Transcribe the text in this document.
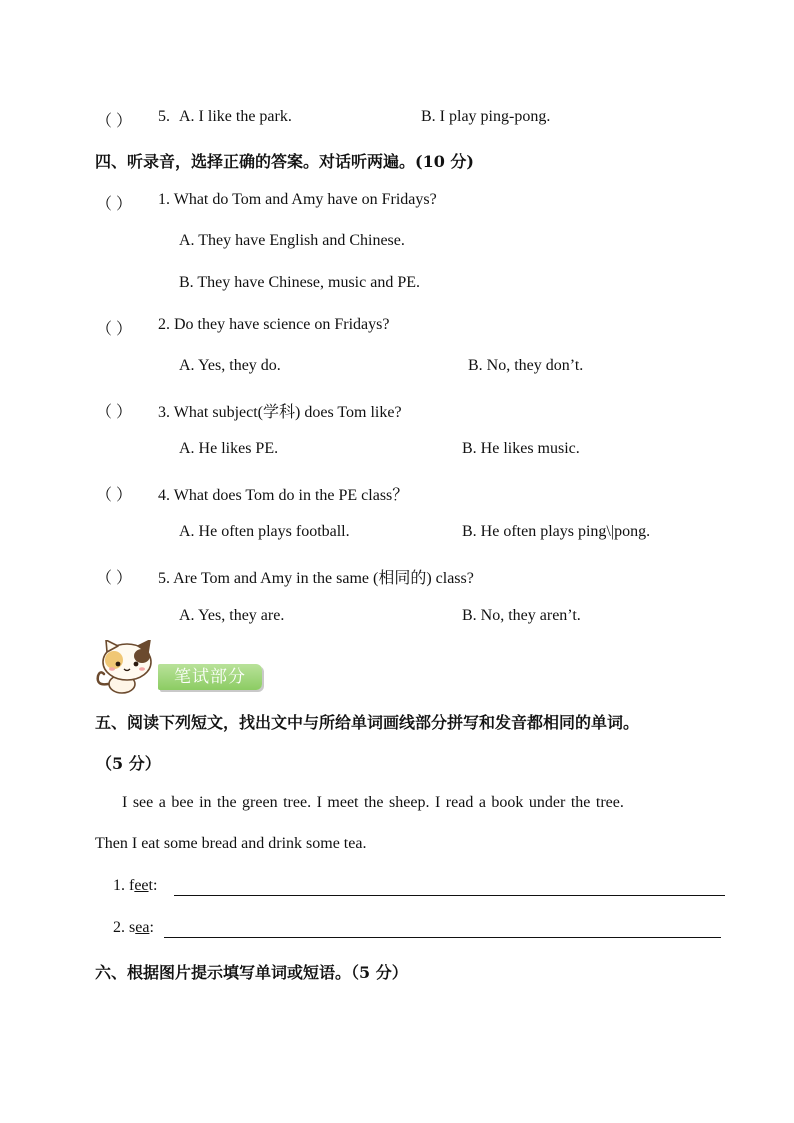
（ ） 5. A. I like the park.	B. I play ping-pong.
四、听录音，选择正确的答案。对话听两遍。(10 分)
（ ） 1. What do Tom and Amy have on Fridays?
A. They have English and Chinese.
B. They have Chinese, music and PE.
（ ） 2. Do they have science on Fridays?
A. Yes, they do.	B. No, they don’t.
（ ） 3. What subject(学科) does Tom like?
A. He likes PE.	B. He likes music.
（ ） 4. What does Tom do in the PE class？
A. He often plays football.	B. He often plays ping\|pong.
（ ） 5. Are Tom and Amy in the same (相同的) class?
A. Yes, they are.	B. No, they aren’t.
笔试部分
五、阅读下列短文，找出文中与所给单词画线部分拼写和发音都相同的单词。
（5 分）
I see a bee in the green tree. I meet the sheep. I read a book under the tree.
Then I eat some bread and drink some tea.
1. feet:
2. sea:
六、根据图片提示填写单词或短语。（5 分）
